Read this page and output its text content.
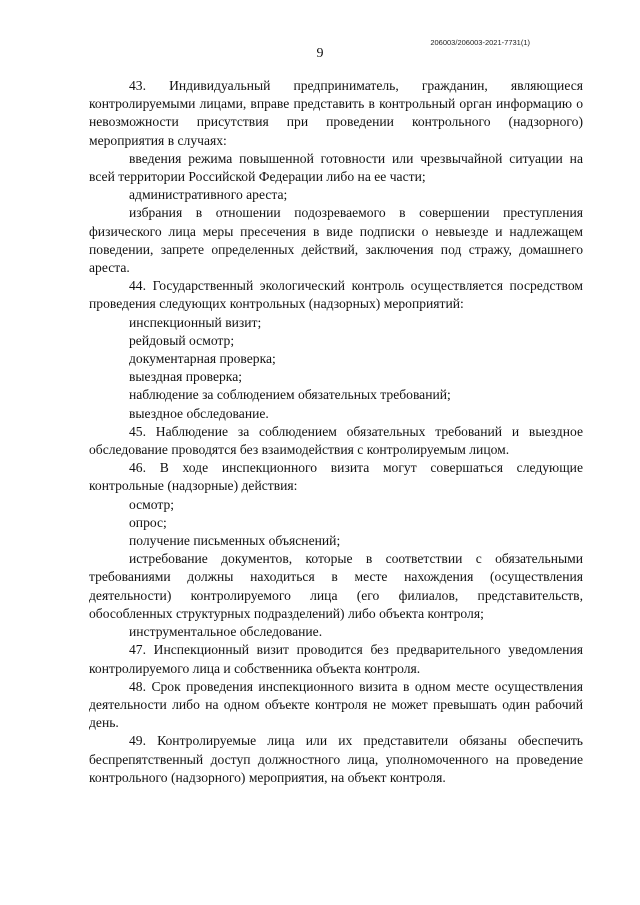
206003/206003-2021-7731(1)
9

43. Индивидуальный предприниматель, гражданин, являющиеся контролируемыми лицами, вправе представить в контрольный орган информацию о невозможности присутствия при проведении контрольного (надзорного) мероприятия в случаях:

введения режима повышенной готовности или чрезвычайной ситуации на всей территории Российской Федерации либо на ее части;

административного ареста;

избрания в отношении подозреваемого в совершении преступления физического лица меры пресечения в виде подписки о невыезде и надлежащем поведении, запрете определенных действий, заключения под стражу, домашнего ареста.

44. Государственный экологический контроль осуществляется посредством проведения следующих контрольных (надзорных) мероприятий:

инспекционный визит;

рейдовый осмотр;

документарная проверка;

выездная проверка;

наблюдение за соблюдением обязательных требований;

выездное обследование.

45. Наблюдение за соблюдением обязательных требований и выездное обследование проводятся без взаимодействия с контролируемым лицом.

46. В ходе инспекционного визита могут совершаться следующие контрольные (надзорные) действия:

осмотр;

опрос;

получение письменных объяснений;

истребование документов, которые в соответствии с обязательными требованиями должны находиться в месте нахождения (осуществления деятельности) контролируемого лица (его филиалов, представительств, обособленных структурных подразделений) либо объекта контроля;

инструментальное обследование.

47. Инспекционный визит проводится без предварительного уведомления контролируемого лица и собственника объекта контроля.

48. Срок проведения инспекционного визита в одном месте осуществления деятельности либо на одном объекте контроля не может превышать один рабочий день.

49. Контролируемые лица или их представители обязаны обеспечить беспрепятственный доступ должностного лица, уполномоченного на проведение контрольного (надзорного) мероприятия, на объект контроля.
